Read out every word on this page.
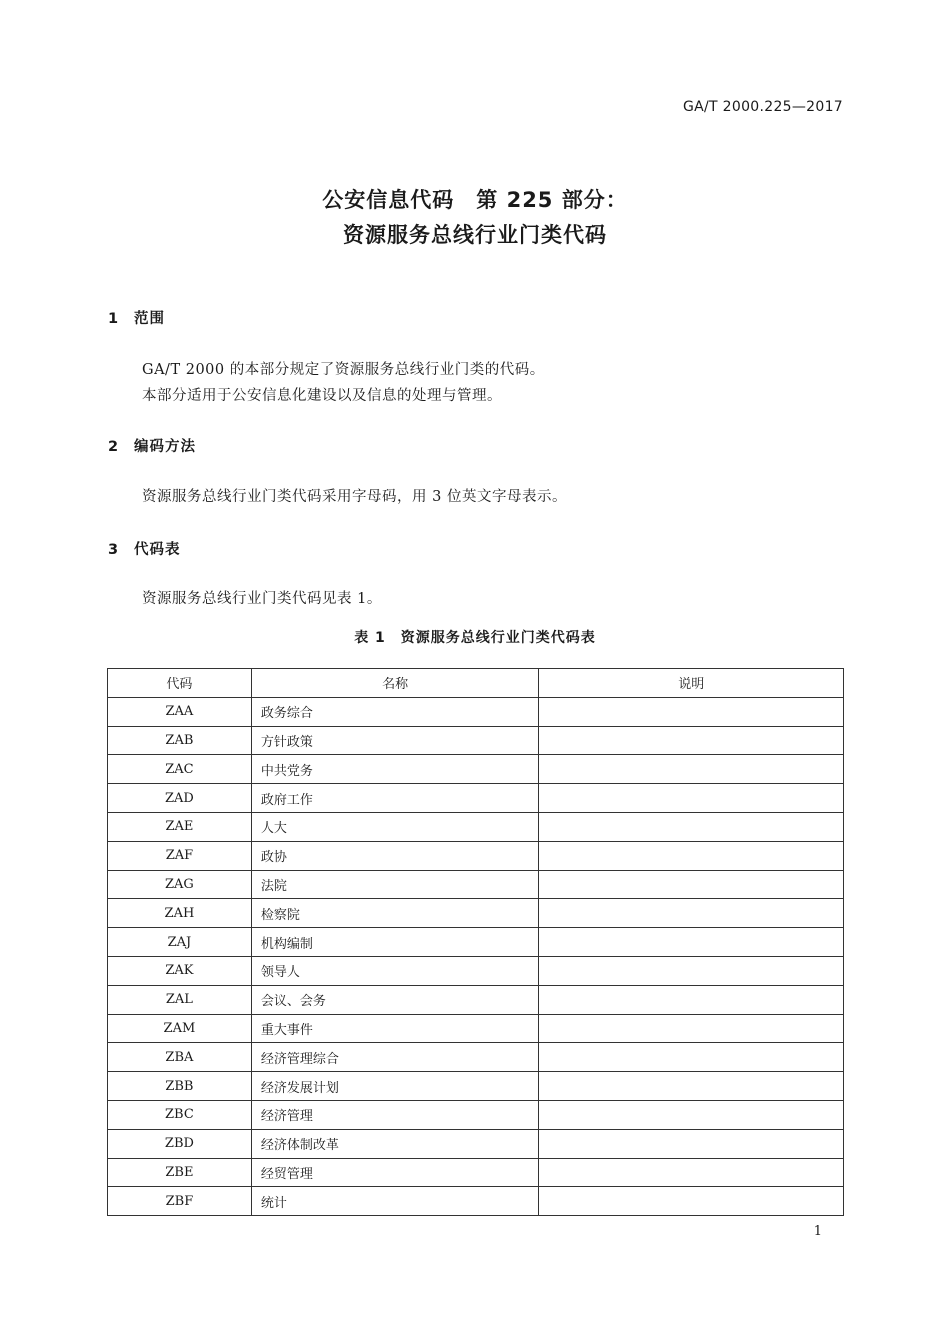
GA/T 2000.225—2017
公安信息代码　第 225 部分：
资源服务总线行业门类代码
1 范围
GA/T 2000 的本部分规定了资源服务总线行业门类的代码。
本部分适用于公安信息化建设以及信息的处理与管理。
2 编码方法
资源服务总线行业门类代码采用字母码，用 3 位英文字母表示。
3 代码表
资源服务总线行业门类代码见表 1。
表 1　资源服务总线行业门类代码表
代码	名称	说明
ZAA	政务综合	
ZAB	方针政策	
ZAC	中共党务	
ZAD	政府工作	
ZAE	人大	
ZAF	政协	
ZAG	法院	
ZAH	检察院	
ZAJ	机构编制	
ZAK	领导人	
ZAL	会议、会务	
ZAM	重大事件	
ZBA	经济管理综合	
ZBB	经济发展计划	
ZBC	经济管理	
ZBD	经济体制改革	
ZBE	经贸管理	
ZBF	统计	
1
